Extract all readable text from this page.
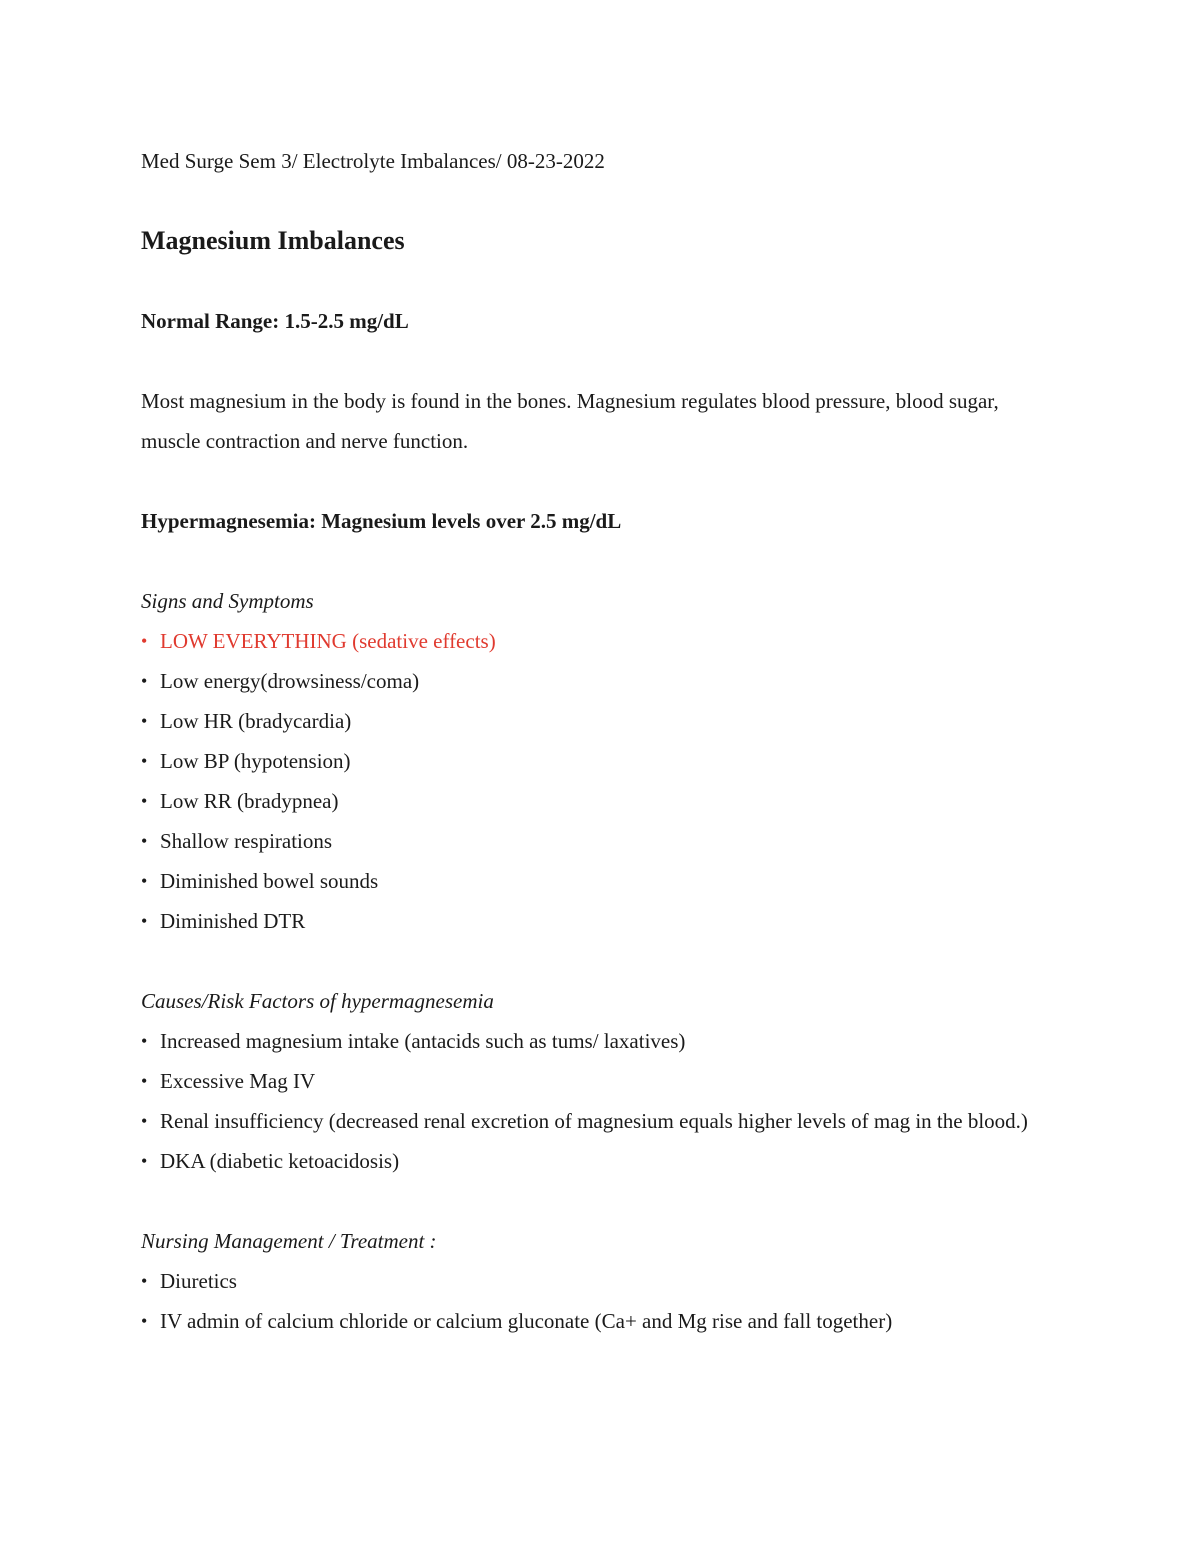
Med Surge Sem 3/ Electrolyte Imbalances/ 08-23-2022

Magnesium Imbalances

Normal Range: 1.5-2.5 mg/dL

Most magnesium in the body is found in the bones. Magnesium regulates blood pressure, blood sugar, muscle contraction and nerve function.

Hypermagnesemia: Magnesium levels over 2.5 mg/dL

Signs and Symptoms

• LOW EVERYTHING (sedative effects)
• Low energy(drowsiness/coma)
• Low HR (bradycardia)
• Low BP (hypotension)
• Low RR (bradypnea)
• Shallow respirations
• Diminished bowel sounds
• Diminished DTR

Causes/Risk Factors of hypermagnesemia

• Increased magnesium intake (antacids such as tums/ laxatives)
• Excessive Mag IV
• Renal insufficiency (decreased renal excretion of magnesium equals higher levels of mag in the blood.)
• DKA (diabetic ketoacidosis)

Nursing Management / Treatment :

• Diuretics
• IV admin of calcium chloride or calcium gluconate (Ca+ and Mg rise and fall together)
